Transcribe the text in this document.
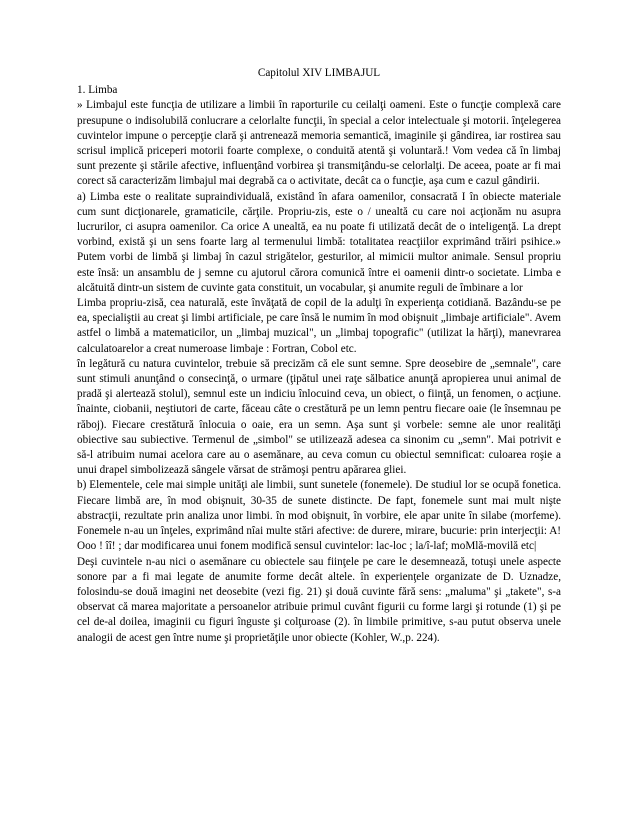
Capitolul XIV LIMBAJUL

1. Limba

» Limbajul este funcţia de utilizare a limbii în raporturile cu ceilalţi oameni. Este o funcţie complexă care presupune o indisolubilă conlucrare a celorlalte funcţii, în special a celor intelectuale şi motorii. înţelegerea cuvintelor impune o percepţie clară şi antrenează memoria semantică, imaginile şi gândirea, iar rostirea sau scrisul implică priceperi motorii foarte complexe, o conduită atentă şi voluntară.! Vom vedea că în limbaj sunt prezente şi stările afective, influenţând vorbirea şi transmiţându-se celorlalţi. De aceea, poate ar fi mai corect să caracterizăm limbajul mai degrabă ca o activitate, decât ca o funcţie, aşa cum e cazul gândirii.

a) Limba este o realitate supraindividuală, existând în afara oamenilor, consacrată I în obiecte materiale cum sunt dicţionarele, gramaticile, cărţile. Propriu-zis, este o / unealtă cu care noi acţionăm nu asupra lucrurilor, ci asupra oamenilor. Ca orice A unealtă, ea nu poate fi utilizată decât de o inteligenţă. La drept vorbind, există şi un sens foarte larg al termenului limbă: totalitatea reacţiilor exprimând trăiri psihice.» Putem vorbi de limbă şi limbaj în cazul strigătelor, gesturilor, al mimicii multor animale. Sensul propriu este însă: un ansamblu de j semne cu ajutorul cărora comunică între ei oamenii dintr-o societate. Limba e alcătuită dintr-un sistem de cuvinte gata constituit, un vocabular, şi anumite reguli de îmbinare a lor

Limba propriu-zisă, cea naturală, este învăţată de copil de la adulţi în experienţa cotidiană. Bazându-se pe ea, specialiştii au creat şi limbi artificiale, pe care însă le numim în mod obişnuit „limbaje artificiale". Avem astfel o limbă a matematicilor, un „limbaj muzical", un „limbaj topografic" (utilizat la hărţi), manevrarea calculatoarelor a creat numeroase limbaje : Fortran, Cobol etc.

în legătură cu natura cuvintelor, trebuie să precizăm că ele sunt semne. Spre deosebire de „semnale", care sunt stimuli anunţând o consecinţă, o urmare (ţipătul unei raţe sălbatice anunţă apropierea unui animal de pradă şi alertează stolul), semnul este un indiciu înlocuind ceva, un obiect, o fiinţă, un fenomen, o acţiune. înainte, ciobanii, neştiutori de carte, făceau câte o crestătură pe un lemn pentru fiecare oaie (le însemnau pe răboj). Fiecare crestătură înlocuia o oaie, era un semn. Aşa sunt şi vorbele: semne ale unor realităţi obiective sau subiective. Termenul de „simbol" se utilizează adesea ca sinonim cu „semn". Mai potrivit e să-l atribuim numai acelora care au o asemănare, au ceva comun cu obiectul semnificat: culoarea roşie a unui drapel simbolizează sângele vărsat de strămoşi pentru apărarea gliei.

b) Elementele, cele mai simple unităţi ale limbii, sunt sunetele (fonemele). De studiul lor se ocupă fonetica. Fiecare limbă are, în mod obişnuit, 30-35 de sunete distincte. De fapt, fonemele sunt mai mult nişte abstracţii, rezultate prin analiza unor limbi. în mod obişnuit, în vorbire, ele apar unite în silabe (morfeme). Fonemele n-au un înţeles, exprimând nîai multe stări afective: de durere, mirare, bucurie: prin interjecţii: A! Ooo ! îî! ; dar modificarea unui fonem modifică sensul cuvintelor: lac-loc ; la/î-laf; moMlă-movilă etc|

Deşi cuvintele n-au nici o asemănare cu obiectele sau fiinţele pe care le desemnează, totuşi unele aspecte sonore par a fi mai legate de anumite forme decât altele. în experienţele organizate de D. Uznadze, folosindu-se două imagini net deosebite (vezi fig. 21) şi două cuvinte fără sens: „maluma" şi „takete", s-a observat că marea majoritate a persoanelor atribuie primul cuvânt figurii cu forme largi şi rotunde (1) şi pe cel de-al doilea, imaginii cu figuri înguste şi colţuroase (2). în limbile primitive, s-au putut observa unele analogii de acest gen între nume şi proprietăţile unor obiecte (Kohler, W.,p. 224).
